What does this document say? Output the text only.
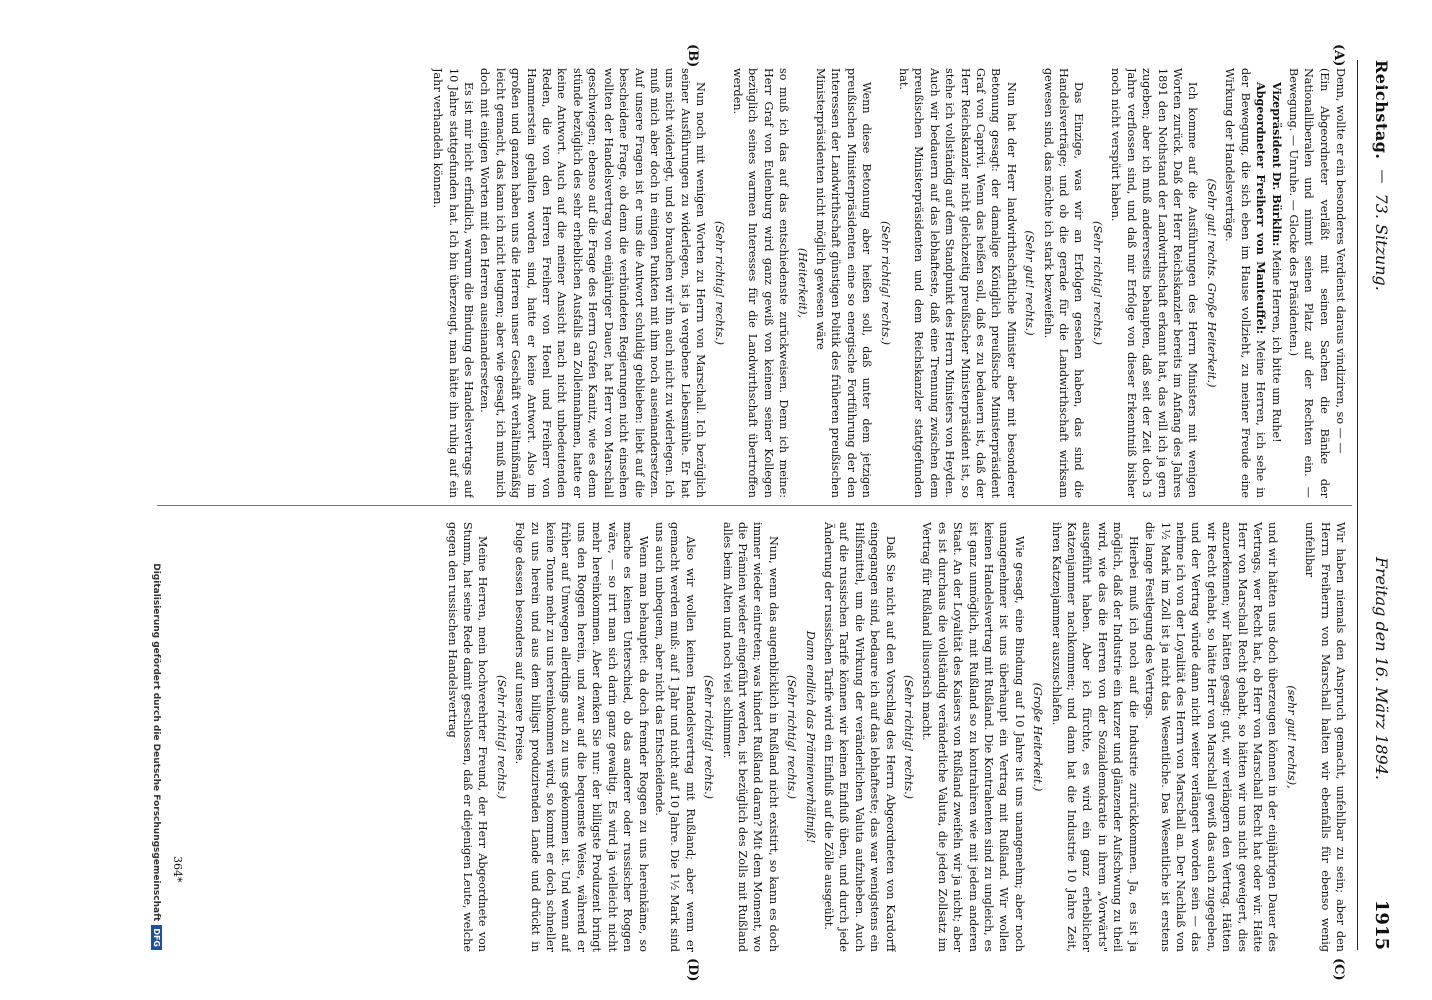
Reichstag.
—
73. Sitzung.
Freitag den 16. März 1894.
1915
(A)
(B)
(C)
(D)

Denn, wollte er ein besonderes Verdienst daraus vindiziren, so — —

(Ein Abgeordneter verläßt mit seinen Sachen die Bänke der Nationalliberalen und nimmt seinen Platz auf der Rechten ein. — Bewegung. — Unruhe. — Glocke des Präsidenten.)

Vizepräsident Dr. Bürklin: Meine Herren, ich bitte um Ruhe!

Abgeordneter Freiherr von Manteuffel: Meine Herren, ich sehe in der Bewegung, die sich eben im Hause vollzieht, zu meiner Freude eine Wirkung der Handelsverträge.

(Sehr gut! rechts. Große Heiterkeit.)

Ich komme auf die Ausführungen des Herrn Ministers mit wenigen Worten zurück. Daß der Herr Reichskanzler bereits im Anfang des Jahres 1891 den Nothstand der Landwirthschaft erkannt hat, das will ich ja gern zugeben; aber ich muß andererseits behaupten, daß seit der Zeit doch 3 Jahre verflossen sind, und daß mir Erfolge von dieser Erkenntniß bisher noch nicht verspürt haben.

(Sehr richtig! rechts.)

Das Einzige, was wir an Erfolgen gesehen haben, das sind die Handelsverträge; und ob die gerade für die Landwirthschaft wirksam gewesen sind, das möchte ich stark bezweifeln.

(Sehr gut! rechts.)

Nun hat der Herr landwirthschaftliche Minister aber mit besonderer Betonung gesagt: der damalige Königlich preußische Ministerpräsident Graf von Caprivi. Wenn das heißen soll, daß es zu bedauern ist, daß der Herr Reichskanzler nicht gleichzeitig preußischer Ministerpräsident ist, so stehe ich vollständig auf dem Standpunkt des Herrn Ministers von Heyden. Auch wir bedauern auf das lebhafteste, daß eine Trennung zwischen dem preußischen Ministerpräsidenten und dem Reichskanzler stattgefunden hat.

(Sehr richtig! rechts.)

Wenn diese Betonung aber heißen soll, daß unter dem jetzigen preußischen Ministerpräsidenten eine so energische Fortführung der den Interessen der Landwirthschaft günstigen Politik des früheren preußischen Ministerpräsidenten nicht möglich gewesen wäre

(Heiterkeit),

so muß ich das auf das entschiedenste zurückweisen. Denn ich meine: Herr Graf von Eulenburg wird ganz gewiß von keinem seiner Kollegen bezüglich seines warmen Interesses für die Landwirthschaft übertroffen werden.

(Sehr richtig! rechts.)

Nun noch mit wenigen Worten zu Herrn von Marschall. Ich bezüglich seiner Ausführungen zu widerlegen, ist ja vergebene Liebesmühe. Er hat uns nicht widerlegt, und so brauchen wir ihn auch nicht zu widerlegen. Ich muß mich aber doch in einigen Punkten mit ihm noch auseinandersetzen. Auf unsere Fragen ist er uns die Antwort schuldig geblieben: liebt auf die bescheidene Frage, ob denn die verbündeten Regierungen nicht einsehen wollten der Handelsvertrag von einjähriger Dauer, hat Herr von Marschall geschwiegen; ebenso auf die Frage des Herrn Grafen Kanitz, wie es denn stünde bezüglich des sehr erheblichen Ausfalls an Zolleinnahmen, hatte er keine Antwort. Auch auf die meiner Ansicht nach nicht unbedeutenden Reden, die von den Herren Freiherr von Hoenl und Freiherr von Hammerstein gehalten worden sind, hatte er keine Antwort. Also im großen und ganzen haben uns die Herren unser Geschäft verhältnißmäßig leicht gemacht, das kann ich nicht leugnen; aber wie gesagt, ich muß mich doch mit einigen Worten mit den Herren auseinandersetzen.

Es ist mir nicht erfindlich, warum die Bindung des Handelsvertrags auf 10 Jahre stattgefunden hat. Ich bin überzeugt, man hätte ihn ruhig auf ein Jahr verhandeln können.

Wir haben niemals den Anspruch gemacht, unfehlbar zu sein; aber den Herrn Freiherrn von Marschall halten wir ebenfalls für ebenso wenig unfehlbar

(sehr gut! rechts),

und wir hätten uns doch überzeugen können in der einjährigen Dauer des Vertrags, wer Recht hat, ob Herr von Marschall Recht hat oder wir. Hätte Herr von Marschall Recht gehabt, so hätten wir uns nicht geweigert, dies anzuerkennen; wir hätten gesagt: gut, wir verlängern den Vertrag. Hätten wir Recht gehabt, so hätte Herr von Marschall gewiß das auch zugegeben, und der Vertrag würde dann nicht weiter verlängert worden sein — das nehme ich von der Loyalität des Herrn von Marschall an. Der Nachlaß von 1½ Mark im Zoll ist ja nicht das Wesentliche. Das Wesentliche ist erstens die lange Festlegung des Vertrags.

Hierbei muß ich noch auf die Industrie zurückkommen. Ja, es ist ja möglich, daß der Industrie ein kurzer und glänzender Aufschwung zu theil wird, wie das die Herren von der Sozialdemokratie in ihrem „Vorwärts" ausgeführt haben. Aber ich fürchte, es wird ein ganz erheblicher Katzenjammer nachkommen; und dann hat die Industrie 10 Jahre Zeit, ihren Katzenjammer auszuschlafen.

(Große Heiterkeit.)

Wie gesagt, eine Bindung auf 10 Jahre ist uns unangenehm; aber noch unangenehmer ist uns überhaupt ein Vertrag mit Rußland. Wir wollen keinen Handelsvertrag mit Rußland. Die Kontrahenten sind zu ungleich, es ist ganz unmöglich, mit Rußland so zu kontrahiren wie mit jedem anderen Staat. An der Loyalität des Kaisers von Rußland zweifeln wir ja nicht; aber es ist durchaus die vollständig veränderliche Valuta, die jeden Zollsatz im Vertrag für Rußland illusorisch macht.

(Sehr richtig! rechts.)

Daß Sie nicht auf den Vorschlag des Herrn Abgeordneten von Kardorff eingegangen sind, bedaure ich auf das lebhafteste; das war wenigstens ein Hilfsmittel, um die Wirkung der veränderlichen Valuta aufzuheben. Auch auf die russischen Tarife können wir keinen Einfluß üben, und durch jede Änderung der russischen Tarife wird ein Einfluß auf die Zölle ausgeübt.

Dann endlich das Prämienverhältniß!

(Sehr richtig! rechts.)

Nun, wenn das augenblicklich in Rußland nicht existirt, so kann es doch immer wieder eintreten; was hindert Rußland daran? Mit dem Moment, wo die Prämien wieder eingeführt werden, ist bezüglich des Zolls mit Rußland alles beim Alten und noch viel schlimmer.

(Sehr richtig! rechts.)

Also wir wollen keinen Handelsvertrag mit Rußland; aber wenn er gemacht werden muß: auf 1 Jahr und nicht auf 10 Jahre. Die 1½ Mark sind uns auch unbequem, aber nicht das Entscheidende.

Wenn man behauptet: da doch fremder Roggen zu uns hereinkäme, so mache es keinen Unterschied, ob das anderer oder russischer Roggen wäre, — so irrt man sich darin ganz gewaltig. Es wird ja vielleicht nicht mehr hereinkommen. Aber denken Sie nur: der billigste Produzent bringt uns den Roggen herein, und zwar auf die bequemste Weise, während er früher auf Umwegen allerdings auch zu uns gekommen ist. Und wenn auf keine Tonne mehr zu uns hereinkommen wird, so kommt er doch schneller zu uns herein und aus dem billigst produzirenden Lande und drückt in Folge dessen besonders auf unsere Preise.

(Sehr richtig! rechts.)

Meine Herren, mein hochverehrter Freund, der Herr Abgeordnete von Stumm, hat seine Rede damit geschlossen, daß er diejenigen Leute, welche gegen den russischen Handelsvertrag

364*
Digitalisierung gefördert durch die Deutsche ForschungsgemeinschaftDFG
